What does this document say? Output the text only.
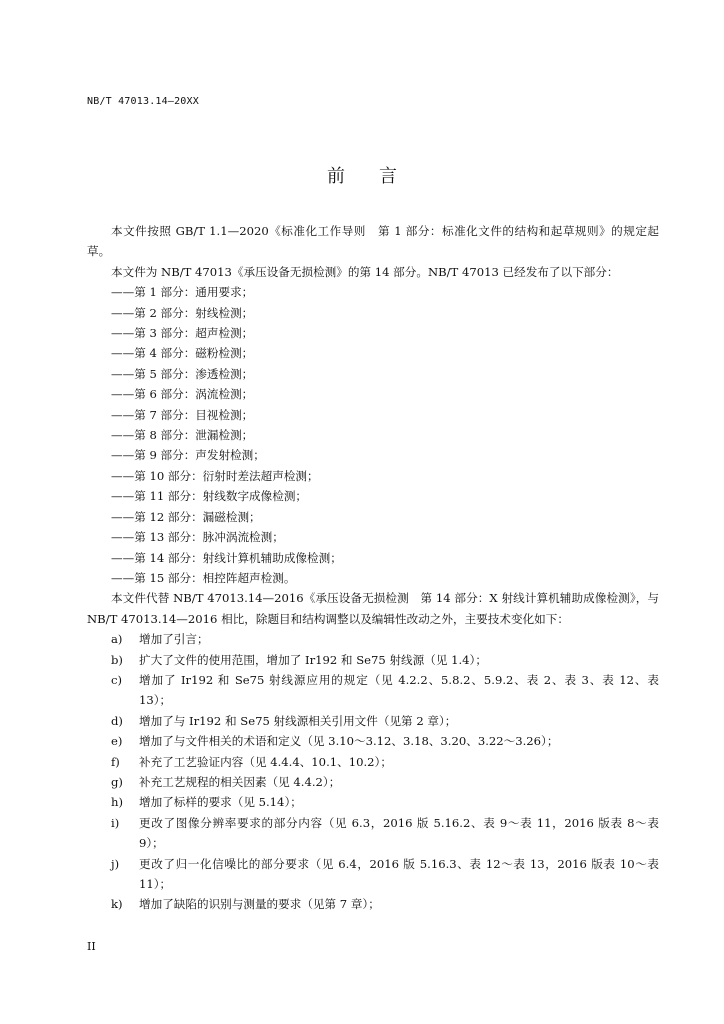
NB/T 47013.14—20XX
前言

本文件按照 GB/T 1.1—2020《标准化工作导则　第 1 部分：标准化文件的结构和起草规则》的规定起草。

本文件为 NB/T 47013《承压设备无损检测》的第 14 部分。NB/T 47013 已经发布了以下部分：

——第 1 部分：通用要求；

——第 2 部分：射线检测；

——第 3 部分：超声检测；

——第 4 部分：磁粉检测；

——第 5 部分：渗透检测；

——第 6 部分：涡流检测；

——第 7 部分：目视检测；

——第 8 部分：泄漏检测；

——第 9 部分：声发射检测；

——第 10 部分：衍射时差法超声检测；

——第 11 部分：射线数字成像检测；

——第 12 部分：漏磁检测；

——第 13 部分：脉冲涡流检测；

——第 14 部分：射线计算机辅助成像检测；

——第 15 部分：相控阵超声检测。

本文件代替 NB/T 47013.14—2016《承压设备无损检测　第 14 部分：X 射线计算机辅助成像检测》，与 NB/T 47013.14—2016 相比，除题目和结构调整以及编辑性改动之外，主要技术变化如下：

a) 增加了引言；

b) 扩大了文件的使用范围，增加了 Ir192 和 Se75 射线源（见 1.4）；

c) 增加了 Ir192 和 Se75 射线源应用的规定（见 4.2.2、5.8.2、5.9.2、表 2、表 3、表 12、表 13）；

d) 增加了与 Ir192 和 Se75 射线源相关引用文件（见第 2 章）；

e) 增加了与文件相关的术语和定义（见 3.10～3.12、3.18、3.20、3.22～3.26）；

f) 补充了工艺验证内容（见 4.4.4、10.1、10.2）；

g) 补充工艺规程的相关因素（见 4.4.2）；

h) 增加了标样的要求（见 5.14）；

i) 更改了图像分辨率要求的部分内容（见 6.3，2016 版 5.16.2、表 9～表 11，2016 版表 8～表 9）；

j) 更改了归一化信噪比的部分要求（见 6.4，2016 版 5.16.3、表 12～表 13，2016 版表 10～表 11）；

k) 增加了缺陷的识别与测量的要求（见第 7 章）；

II
